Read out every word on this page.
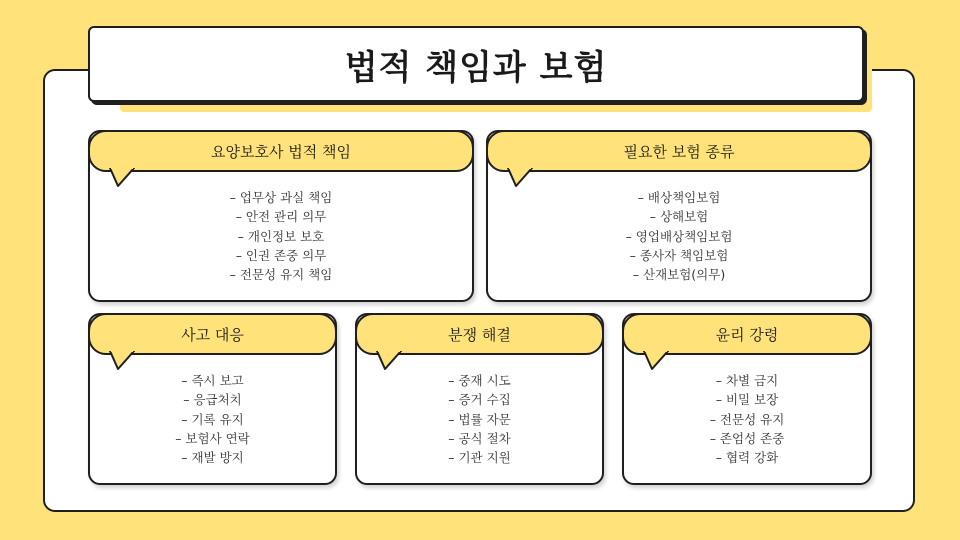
법적 책임과 보험
요양보호사 법적 책임
– 업무상 과실 책임
– 안전 관리 의무
– 개인정보 보호
– 인권 존중 의무
– 전문성 유지 책임
필요한 보험 종류
– 배상책임보험
– 상해보험
– 영업배상책임보험
– 종사자 책임보험
– 산재보험(의무)
사고 대응
– 즉시 보고
– 응급처치
– 기록 유지
– 보험사 연락
– 재발 방지
분쟁 해결
– 중재 시도
– 증거 수집
– 법률 자문
– 공식 절차
– 기관 지원
윤리 강령
– 차별 금지
– 비밀 보장
– 전문성 유지
– 존엄성 존중
– 협력 강화
